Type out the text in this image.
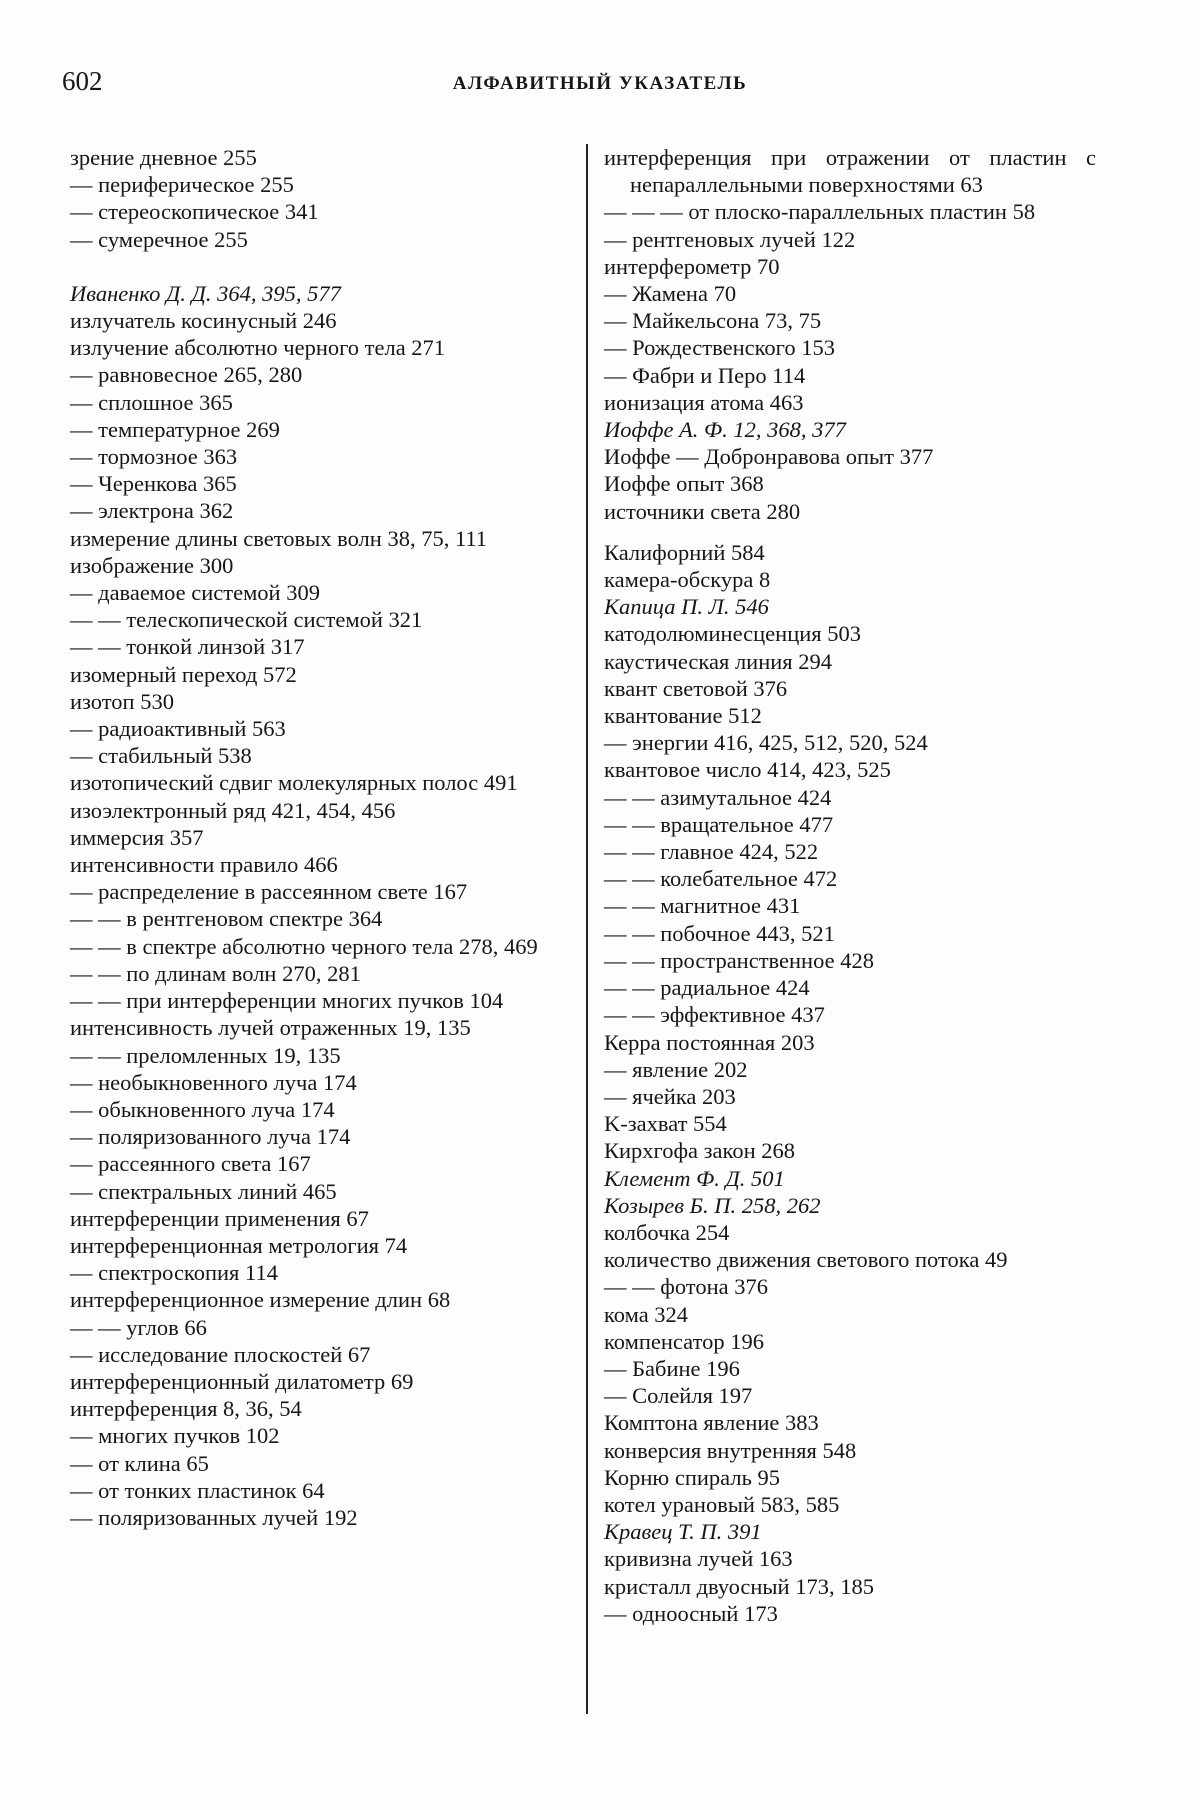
602	АЛФАВИТНЫЙ УКАЗАТЕЛЬ
зрение дневное 255
— периферическое 255
— стереоскопическое 341
— сумеречное 255
Иваненко Д. Д. 364, 395, 577
излучатель косинусный 246
излучение абсолютно черного тела 271
— равновесное 265, 280
— сплошное 365
— температурное 269
— тормозное 363
— Черенкова 365
— электрона 362
измерение длины световых волн 38, 75, 111
изображение 300
— даваемое системой 309
— — телескопической системой 321
— — тонкой линзой 317
изомерный переход 572
изотоп 530
— радиоактивный 563
— стабильный 538
изотопический сдвиг молекулярных полос 491
изоэлектронный ряд 421, 454, 456
иммерсия 357
интенсивности правило 466
— распределение в рассеянном свете 167
— — в рентгеновом спектре 364
— — в спектре абсолютно черного тела 278, 469
— — по длинам волн 270, 281
— — при интерференции многих пучков 104
интенсивность лучей отраженных 19, 135
— — преломленных 19, 135
— необыкновенного луча 174
— обыкновенного луча 174
— поляризованного луча 174
— рассеянного света 167
— спектральных линий 465
интерференции применения 67
интерференционная метрология 74
— спектроскопия 114
интерференционное измерение длин 68
— — углов 66
— исследование плоскостей 67
интерференционный дилатометр 69
интерференция 8, 36, 54
— многих пучков 102
— от клина 65
— от тонких пластинок 64
— поляризованных лучей 192
интерференция при отражении от пластин с непараллельными поверхностями 63
— — — от плоско-параллельных пластин 58
— рентгеновых лучей 122
интерферометр 70
— Жамена 70
— Майкельсона 73, 75
— Рождественского 153
— Фабри и Перо 114
ионизация атома 463
Иоффе А. Ф. 12, 368, 377
Иоффе — Добронравова опыт 377
Иоффе опыт 368
источники света 280
Калифорний 584
камера-обскура 8
Капица П. Л. 546
катодолюминесценция 503
каустическая линия 294
квант световой 376
квантование 512
— энергии 416, 425, 512, 520, 524
квантовое число 414, 423, 525
— — азимутальное 424
— — вращательное 477
— — главное 424, 522
— — колебательное 472
— — магнитное 431
— — побочное 443, 521
— — пространственное 428
— — радиальное 424
— — эффективное 437
Керра постоянная 203
— явление 202
— ячейка 203
K-захват 554
Кирхгофа закон 268
Клемент Ф. Д. 501
Козырев Б. П. 258, 262
колбочка 254
количество движения светового потока 49
— — фотона 376
кома 324
компенсатор 196
— Бабине 196
— Солейля 197
Комптона явление 383
конверсия внутренняя 548
Корню спираль 95
котел урановый 583, 585
Кравец Т. П. 391
кривизна лучей 163
кристалл двуосный 173, 185
— одноосный 173
